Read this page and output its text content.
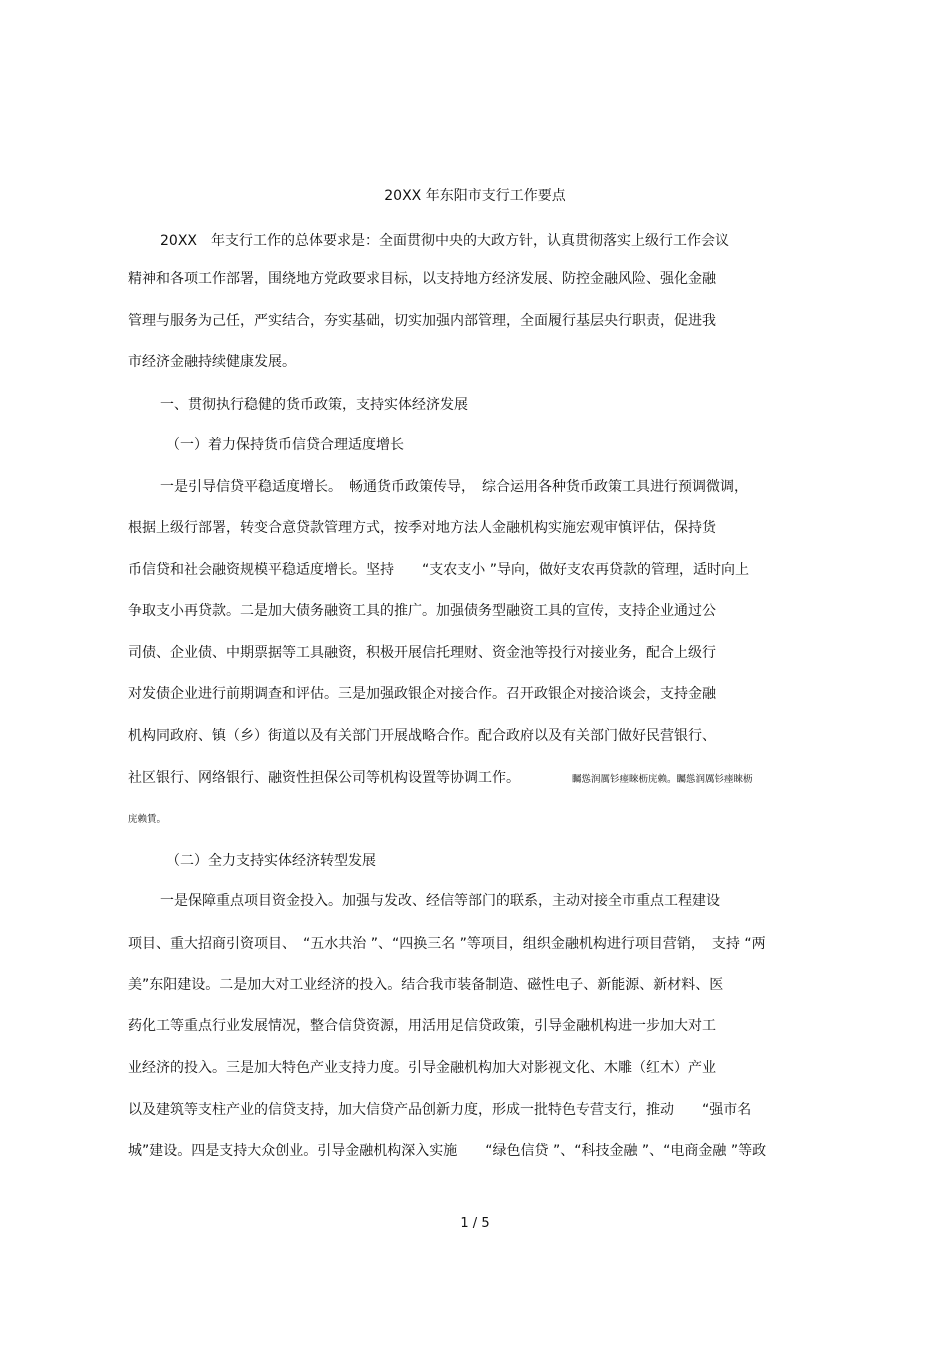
20XX 年东阳市支行工作要点
20XX　年支行工作的总体要求是：全面贯彻中央的大政方针，认真贯彻落实上级行工作会议
精神和各项工作部署，围绕地方党政要求目标，以支持地方经济发展、防控金融风险、强化金融
管理与服务为己任，严实结合，夯实基础，切实加强内部管理，全面履行基层央行职责，促进我
市经济金融持续健康发展。
一、贯彻执行稳健的货币政策，支持实体经济发展
（一）着力保持货币信贷合理适度增长
一是引导信贷平稳适度增长。　畅通货币政策传导，　综合运用各种货币政策工具进行预调微调，
根据上级行部署，转变合意贷款管理方式，按季对地方法人金融机构实施宏观审慎评估，保持货
币信贷和社会融资规模平稳适度增长。坚持　　“支农支小 ”导向，做好支农再贷款的管理，适时向上
争取支小再贷款。二是加大债务融资工具的推广。加强债务型融资工具的宣传，支持企业通过公
司债、企业债、中期票据等工具融资，积极开展信托理财、资金池等投行对接业务，配合上级行
对发债企业进行前期调查和评估。三是加强政银企对接合作。召开政银企对接洽谈会，支持金融
机构同政府、镇（乡）街道以及有关部门开展战略合作。配合政府以及有关部门做好民营银行、
社区银行、网络银行、融资性担保公司等机构设置等协调工作。	矚慫润厲钐瘗睞枥庑赖。矚慫润厲钐瘗睞枥
庑赖賃。
（二）全力支持实体经济转型发展
一是保障重点项目资金投入。加强与发改、经信等部门的联系，主动对接全市重点工程建设
项目、重大招商引资项目、　“五水共治 ”、“四换三名 ”等项目，组织金融机构进行项目营销，　支持 “两
美”东阳建设。二是加大对工业经济的投入。结合我市装备制造、磁性电子、新能源、新材料、医
药化工等重点行业发展情况，整合信贷资源，用活用足信贷政策，引导金融机构进一步加大对工
业经济的投入。三是加大特色产业支持力度。引导金融机构加大对影视文化、木雕（红木）产业
以及建筑等支柱产业的信贷支持，加大信贷产品创新力度，形成一批特色专营支行，推动　　“强市名
城”建设。四是支持大众创业。引导金融机构深入实施　　“绿色信贷 ”、“科技金融 ”、“电商金融 ”等政
1 / 5
